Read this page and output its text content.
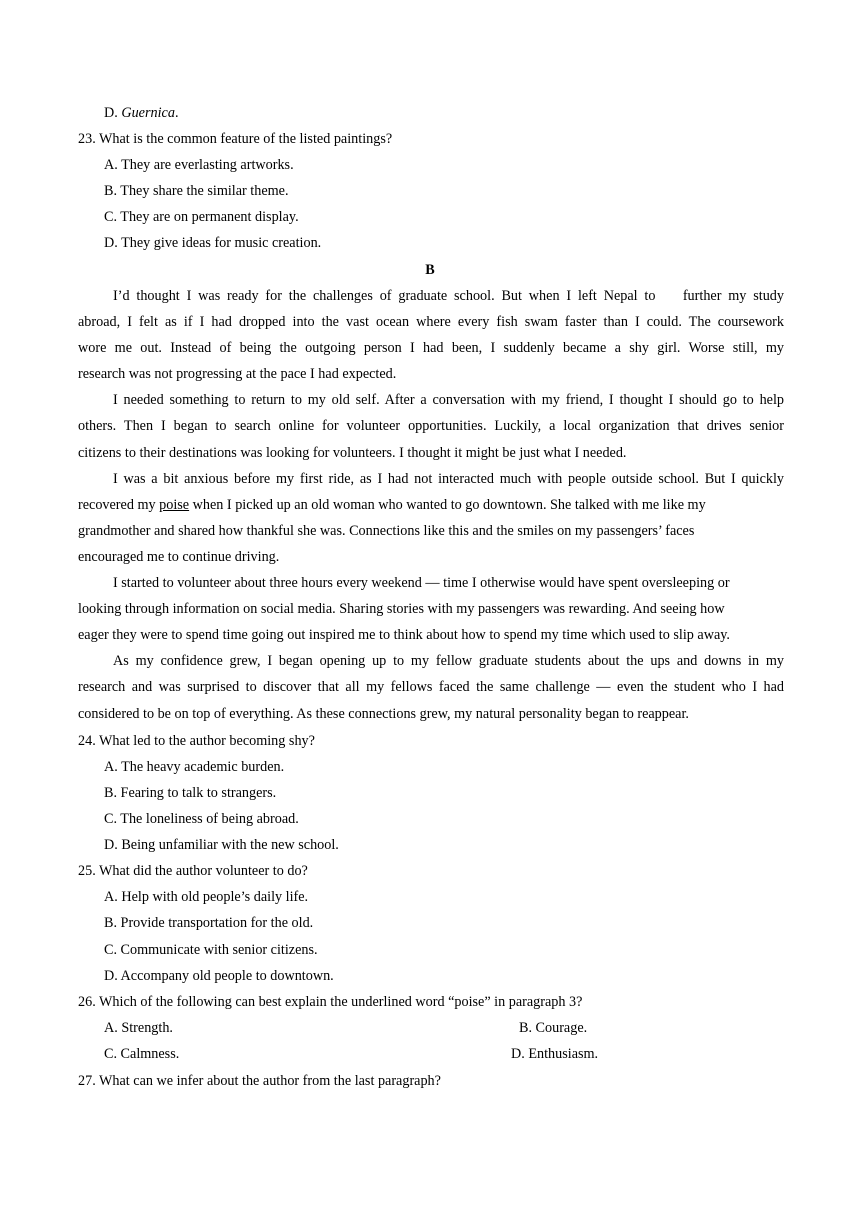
D. Guernica.
23. What is the common feature of the listed paintings?
A. They are everlasting artworks.
B. They share the similar theme.
C. They are on permanent display.
D. They give ideas for music creation.
B
I’d thought I was ready for the challenges of graduate school. But when I left Nepal to    further my study
abroad, I felt as if I had dropped into the vast ocean where every fish swam faster than I could. The coursework
wore me out. Instead of being the outgoing person I had been, I suddenly became a shy girl. Worse still, my
research was not progressing at the pace I had expected.
I needed something to return to my old self. After a conversation with my friend, I thought I should go to help
others. Then I began to search online for volunteer opportunities. Luckily, a local organization that drives senior
citizens to their destinations was looking for volunteers. I thought it might be just what I needed.
I was a bit anxious before my first ride, as I had not interacted much with people outside school. But I quickly
recovered my poise when I picked up an old woman who wanted to go downtown. She talked with me like my
grandmother and shared how thankful she was. Connections like this and the smiles on my passengers’ faces
encouraged me to continue driving.
I started to volunteer about three hours every weekend — time I otherwise would have spent oversleeping or
looking through information on social media. Sharing stories with my passengers was rewarding. And seeing how
eager they were to spend time going out inspired me to think about how to spend my time which used to slip away.
As my confidence grew, I began opening up to my fellow graduate students about the ups and downs in my
research and was surprised to discover that all my fellows faced the same challenge — even the student who I had
considered to be on top of everything. As these connections grew, my natural personality began to reappear.
24. What led to the author becoming shy?
A. The heavy academic burden.
B. Fearing to talk to strangers.
C. The loneliness of being abroad.
D. Being unfamiliar with the new school.
25. What did the author volunteer to do?
A. Help with old people’s daily life.
B. Provide transportation for the old.
C. Communicate with senior citizens.
D. Accompany old people to downtown.
26. Which of the following can best explain the underlined word “poise” in paragraph 3?
A. Strength.	B. Courage.
C. Calmness.	D. Enthusiasm.
27. What can we infer about the author from the last paragraph?
